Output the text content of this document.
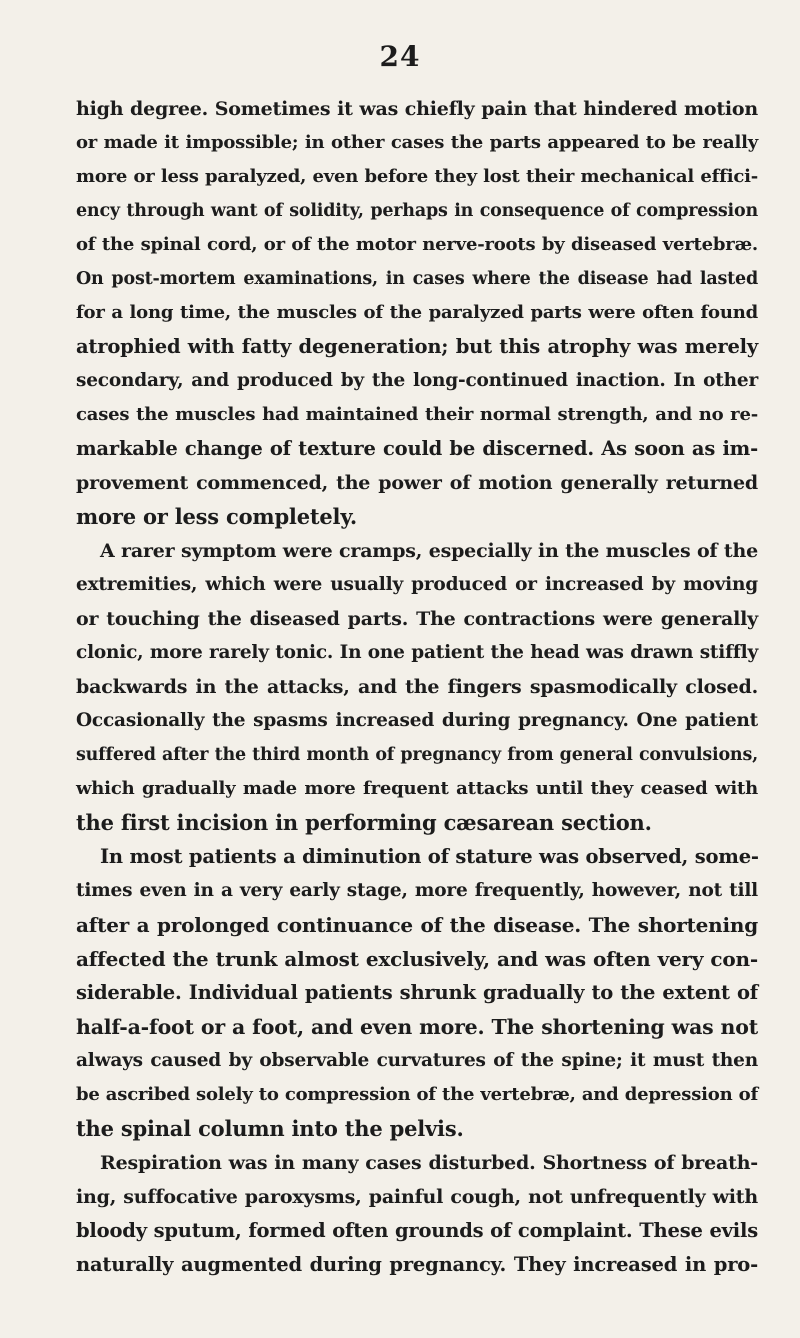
24
high degree. Sometimes it was chiefly pain that hindered motion
or made it impossible; in other cases the parts appeared to be really
more or less paralyzed, even before they lost their mechanical effici-
ency through want of solidity, perhaps in consequence of compression
of the spinal cord, or of the motor nerve-roots by diseased vertebræ.
On post-mortem examinations, in cases where the disease had lasted
for a long time, the muscles of the paralyzed parts were often found
atrophied with fatty degeneration; but this atrophy was merely
secondary, and produced by the long-continued inaction. In other
cases the muscles had maintained their normal strength, and no re-
markable change of texture could be discerned. As soon as im-
provement commenced, the power of motion generally returned
more or less completely.
A rarer symptom were cramps, especially in the muscles of the
extremities, which were usually produced or increased by moving
or touching the diseased parts. The contractions were generally
clonic, more rarely tonic. In one patient the head was drawn stiffly
backwards in the attacks, and the fingers spasmodically closed.
Occasionally the spasms increased during pregnancy. One patient
suffered after the third month of pregnancy from general convulsions,
which gradually made more frequent attacks until they ceased with
the first incision in performing cæsarean section.
In most patients a diminution of stature was observed, some-
times even in a very early stage, more frequently, however, not till
after a prolonged continuance of the disease. The shortening
affected the trunk almost exclusively, and was often very con-
siderable. Individual patients shrunk gradually to the extent of
half-a-foot or a foot, and even more. The shortening was not
always caused by observable curvatures of the spine; it must then
be ascribed solely to compression of the vertebræ, and depression of
the spinal column into the pelvis.
Respiration was in many cases disturbed. Shortness of breath-
ing, suffocative paroxysms, painful cough, not unfrequently with
bloody sputum, formed often grounds of complaint. These evils
naturally augmented during pregnancy. They increased in pro-
